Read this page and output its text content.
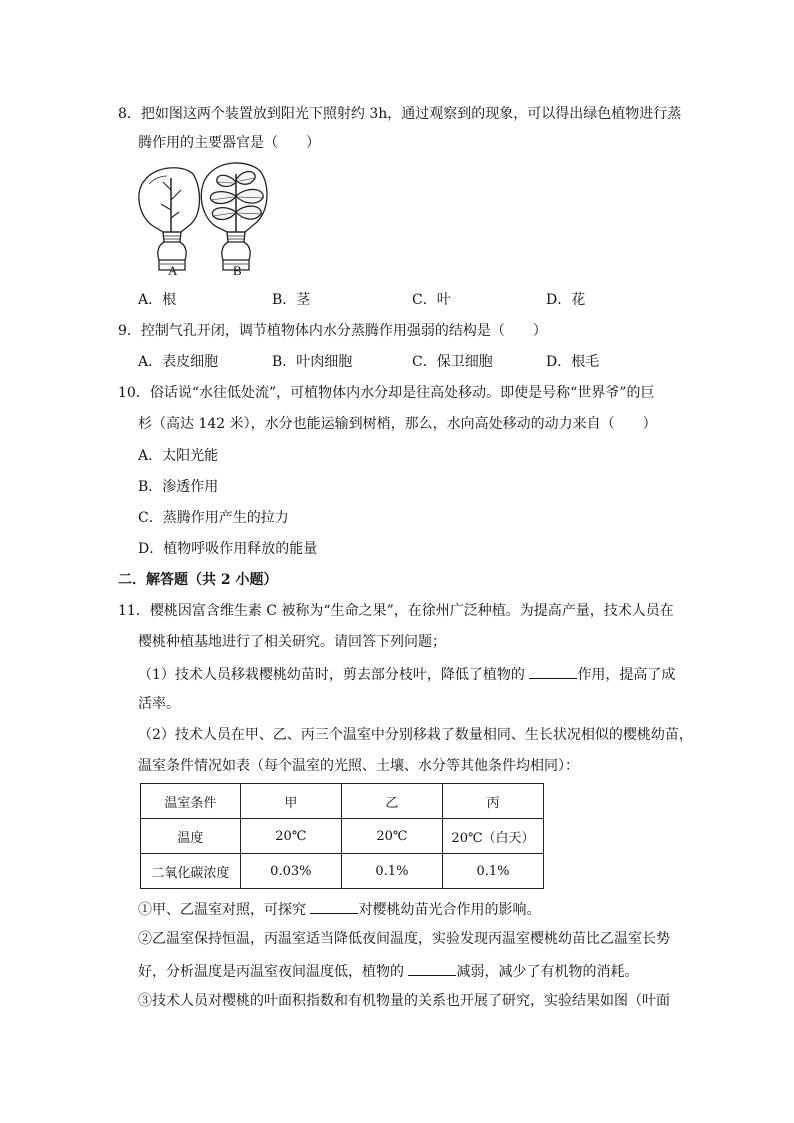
8．把如图这两个装置放到阳光下照射约 3h，通过观察到的现象，可以得出绿色植物进行蒸
腾作用的主要器官是（　　）
A	B
A．根	B．茎	C．叶	D．花
9．控制气孔开闭，调节植物体内水分蒸腾作用强弱的结构是（　　）
A．表皮细胞	B．叶肉细胞	C．保卫细胞	D．根毛
10．俗话说“水往低处流”，可植物体内水分却是往高处移动。即使是号称“世界爷”的巨
杉（高达 142 米），水分也能运输到树梢，那么，水向高处移动的动力来自（　　）
A．太阳光能
B．渗透作用
C．蒸腾作用产生的拉力
D．植物呼吸作用释放的能量
二．解答题（共 2 小题）
11．樱桃因富含维生素 C 被称为“生命之果”，在徐州广泛种植。为提高产量，技术人员在
樱桃种植基地进行了相关研究。请回答下列问题；
（1）技术人员移栽樱桃幼苗时，剪去部分枝叶，降低了植物的	作用，提高了成
活率。
（2）技术人员在甲、乙、丙三个温室中分别移栽了数量相同、生长状况相似的樱桃幼苗，
温室条件情况如表（每个温室的光照、土壤、水分等其他条件均相同）：
温室条件	甲	乙	丙
温度	20℃	20℃	20℃（白天）
二氧化碳浓度	0.03%	0.1%	0.1%
①甲、乙温室对照，可探究	对樱桃幼苗光合作用的影响。
②乙温室保持恒温，丙温室适当降低夜间温度，实验发现丙温室樱桃幼苗比乙温室长势
好，分析温度是丙温室夜间温度低，植物的	减弱，减少了有机物的消耗。
③技术人员对樱桃的叶面积指数和有机物量的关系也开展了研究，实验结果如图（叶面
